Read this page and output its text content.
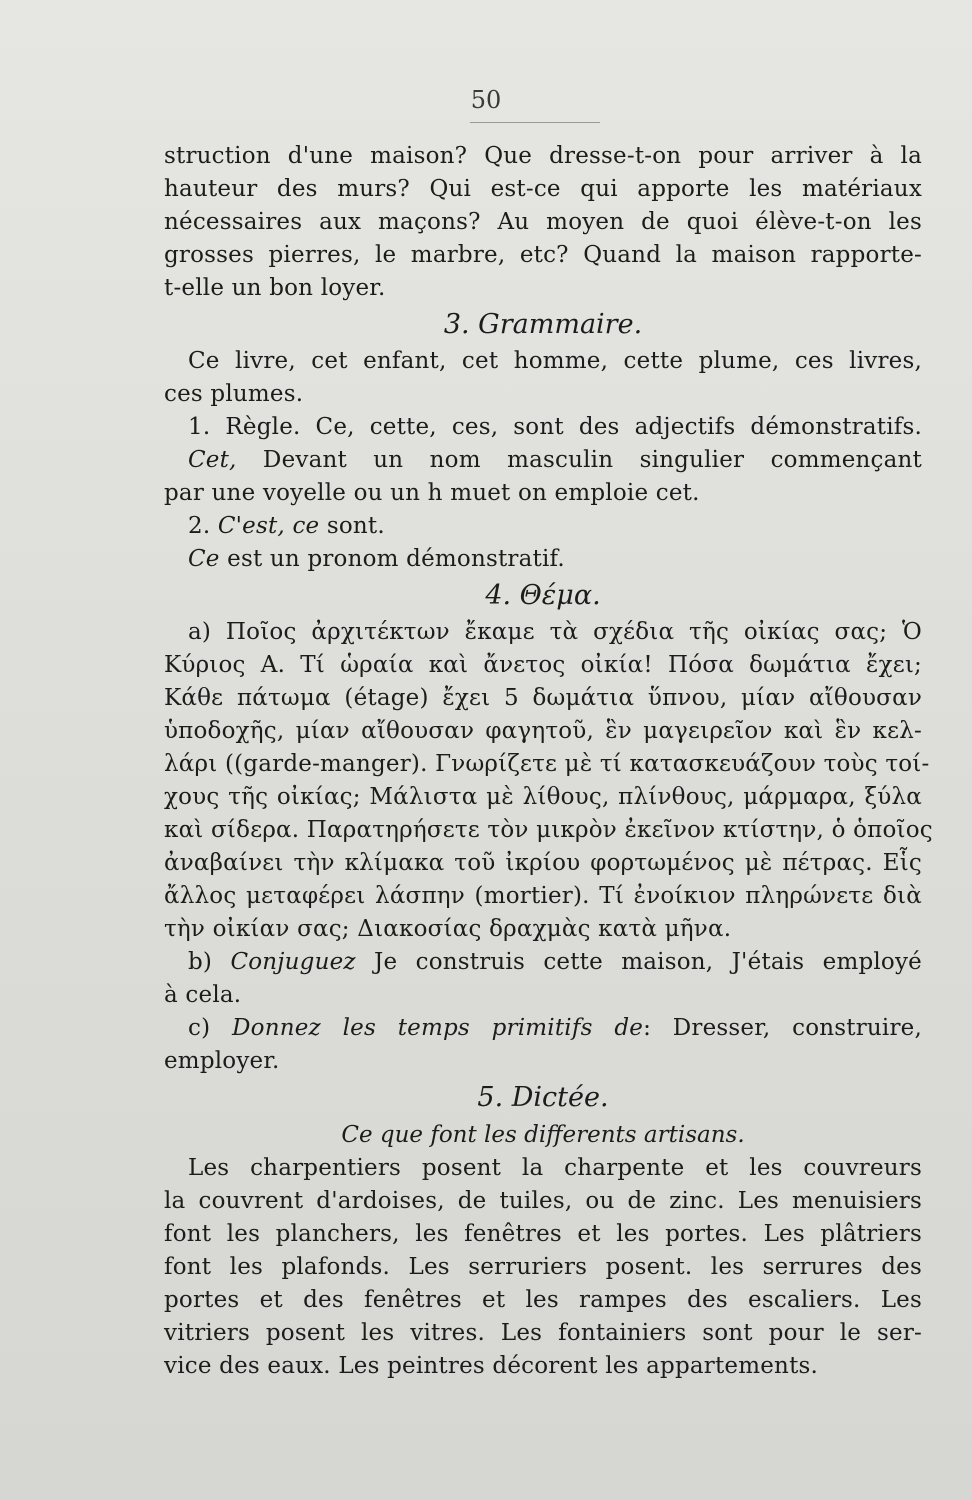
50
struction d'une maison? Que dresse-t-on pour arriver à la
hauteur des murs? Qui est-ce qui apporte les matériaux
nécessaires aux maçons? Au moyen de quoi élève-t-on les
grosses pierres, le marbre, etc? Quand la maison rapporte-
t-elle un bon loyer.
3. Grammaire.
Ce livre, cet enfant, cet homme, cette plume, ces livres,
ces plumes.
1. Règle. Ce, cette, ces, sont des adjectifs démonstratifs.
Cet, Devant un nom masculin singulier commençant
par une voyelle ou un h muet on emploie cet.
2. C'est, ce sont.
Ce est un pronom démonstratif.
4. Θέμα.
a) Ποῖος ἀρχιτέκτων ἔκαμε τὰ σχέδια τῆς οἰκίας σας; Ὁ
Κύριος Α. Τί ὡραία καὶ ἄνετος οἰκία! Πόσα δωμάτια ἔχει;
Κάθε πάτωμα (étage) ἔχει 5 δωμάτια ὕπνου, μίαν αἴθουσαν
ὑποδοχῆς, μίαν αἴθουσαν φαγητοῦ, ἓν μαγειρεῖον καὶ ἓν κελ-
λάρι ((garde-manger). Γνωρίζετε μὲ τί κατασκευάζουν τοὺς τοί-
χους τῆς οἰκίας; Μάλιστα μὲ λίθους, πλίνθους, μάρμαρα, ξύλα
καὶ σίδερα. Παρατηρήσετε τὸν μικρὸν ἐκεῖνον κτίστην, ὁ ὁποῖος
ἀναβαίνει τὴν κλίμακα τοῦ ἰκρίου φορτωμένος μὲ πέτρας. Εἷς
ἄλλος μεταφέρει λάσπην (mortier). Τί ἐνοίκιον πληρώνετε διὰ
τὴν οἰκίαν σας; Διακοσίας δραχμὰς κατὰ μῆνα.
b) Conjuguez Je construis cette maison, J'étais employé
à cela.
c) Donnez les temps primitifs de: Dresser, construire,
employer.
5. Dictée.
Ce que font les differents artisans.
Les charpentiers posent la charpente et les couvreurs
la couvrent d'ardoises, de tuiles, ou de zinc. Les menuisiers
font les planchers, les fenêtres et les portes. Les plâtriers
font les plafonds. Les serruriers posent. les serrures des
portes et des fenêtres et les rampes des escaliers. Les
vitriers posent les vitres. Les fontainiers sont pour le ser-
vice des eaux. Les peintres décorent les appartements.
